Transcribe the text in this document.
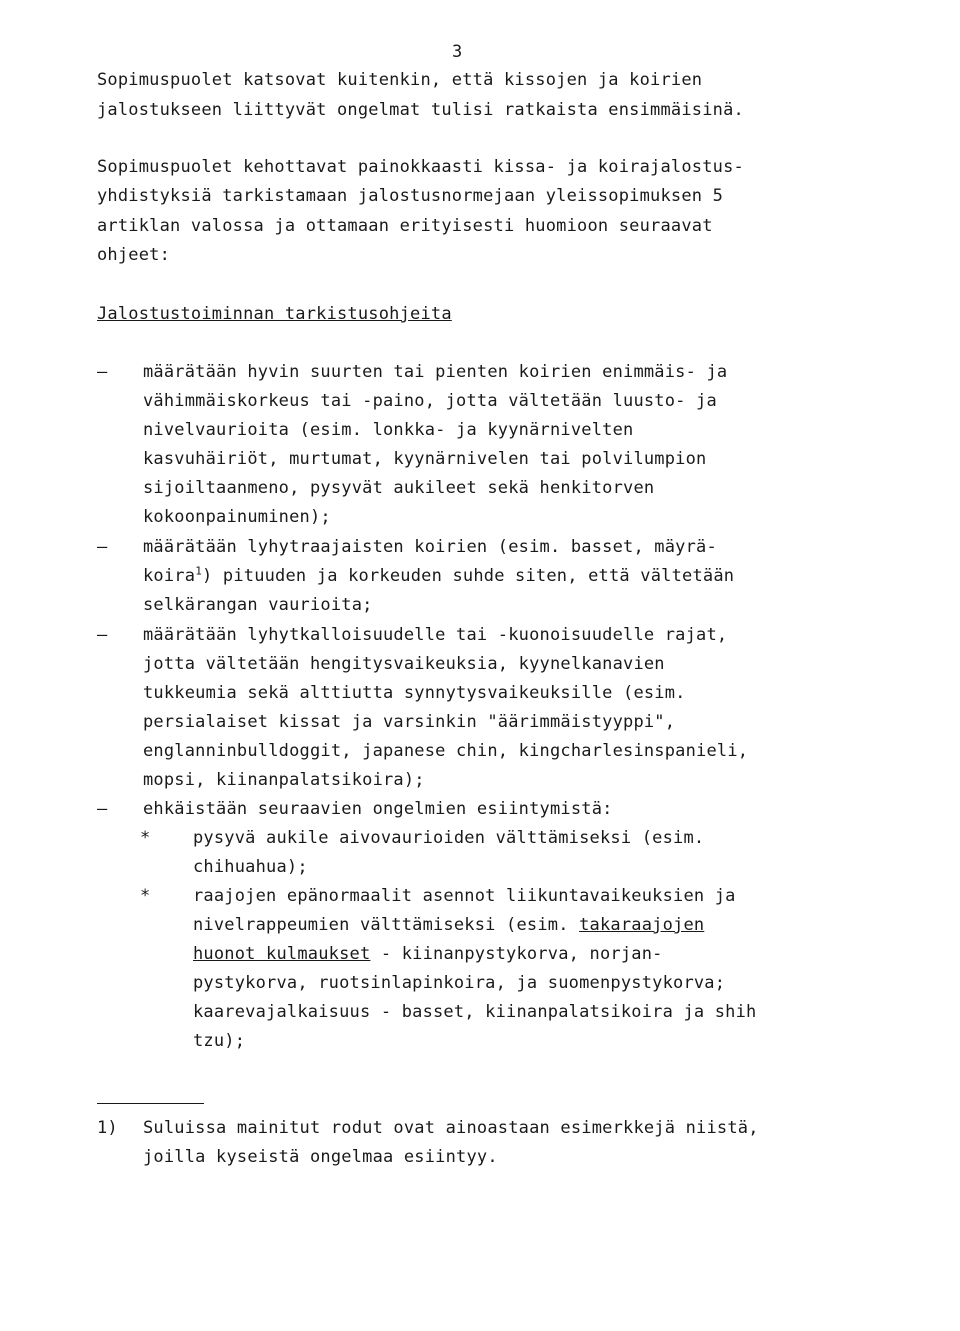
3
Sopimuspuolet katsovat kuitenkin, että kissojen ja koirien
jalostukseen liittyvät ongelmat tulisi ratkaista ensimmäisinä.
Sopimuspuolet kehottavat painokkaasti kissa- ja koirajalostus-
yhdistyksiä tarkistamaan jalostusnormejaan yleissopimuksen 5
artiklan valossa ja ottamaan erityisesti huomioon seuraavat
ohjeet:
Jalostustoiminnan tarkistusohjeita
– määrätään hyvin suurten tai pienten koirien enimmäis- ja
vähimmäiskorkeus tai -paino, jotta vältetään luusto- ja
nivelvaurioita (esim. lonkka- ja kyynärnivelten
kasvuhäiriöt, murtumat, kyynärnivelen tai polvilumpion
sijoiltaanmeno, pysyvät aukileet sekä henkitorven
kokoonpainuminen);
– määrätään lyhytraajaisten koirien (esim. basset, mäyrä-
koira$^1$) pituuden ja korkeuden suhde siten, että vältetään
selkärangan vaurioita;
– määrätään lyhytkalloisuudelle tai -kuonoisuudelle rajat,
jotta vältetään hengitysvaikeuksia, kyynelkanavien
tukkeumia sekä alttiutta synnytysvaikeuksille (esim.
persialaiset kissat ja varsinkin "äärimmäistyyppi",
englanninbulldoggit, japanese chin, kingcharlesinspanieli,
mopsi, kiinanpalatsikoira);
– ehkäistään seuraavien ongelmien esiintymistä:
*	pysyvä aukile aivovaurioiden välttämiseksi (esim.
chihuahua);
*	raajojen epänormaalit asennot liikuntavaikeuksien ja
nivelrappeumien välttämiseksi (esim. takaraajojen
huonot kulmaukset - kiinanpystykorva, norjan-
pystykorva, ruotsinlapinkoira, ja suomenpystykorva;
kaarevajalkaisuus - basset, kiinanpalatsikoira ja shih
tzu);
1) Suluissa mainitut rodut ovat ainoastaan esimerkkejä niistä,
joilla kyseistä ongelmaa esiintyy.
